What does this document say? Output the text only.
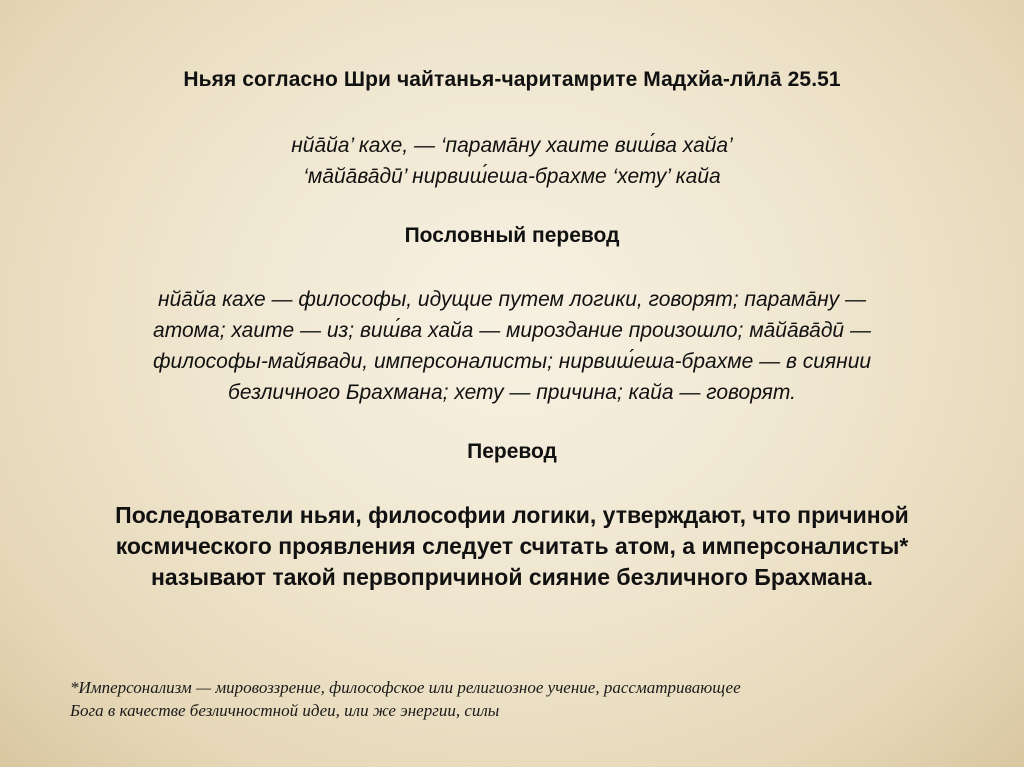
Ньяя согласно Шри чайтанья-чаритамрите Мадхйа-лӣла̄ 25.51
нйа̄йа’ кахе, — ‘парама̄ну хаите виш́ва хайа’
‘ма̄йа̄ва̄дӣ’ нирвиш́еша-брахме ‘хету’ кайа
Пословный перевод
нйа̄йа кахе — философы, идущие путем логики, говорят; парама̄ну —
атома; хаите — из; виш́ва хайа — мироздание произошло; ма̄йа̄ва̄дӣ —
философы-майявади, имперсоналисты; нирвиш́еша-брахме — в сиянии
безличного Брахмана; хету — причина; кайа — говорят.
Перевод
Последователи ньяи, философии логики, утверждают, что причиной
космического проявления следует считать атом, а имперсоналисты*
называют такой первопричиной сияние безличного Брахмана.
*Имперсонализм — мировоззрение, философское или религиозное учение, рассматривающее
Бога в качестве безличностной идеи, или же энергии, силы
